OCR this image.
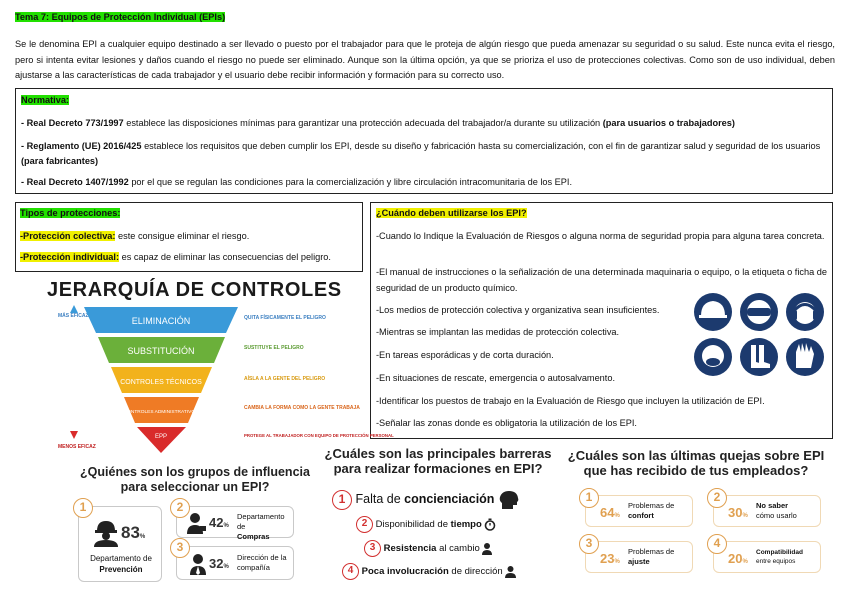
Tema 7: Equipos de Protección Individual (EPIs)
Se le denomina EPI a cualquier equipo destinado a ser llevado o puesto por el trabajador para que le proteja de algún riesgo que pueda amenazar su seguridad o su salud. Este nunca evita el riesgo, pero si intenta evitar lesiones y daños cuando el riesgo no puede ser eliminado. Aunque son la última opción, ya que se prioriza el uso de protecciones colectivas. Como son de uso individual, deben ajustarse a las características de cada trabajador y el usuario debe recibir información y formación para su correcto uso.
Normativa:
- Real Decreto 773/1997 establece las disposiciones mínimas para garantizar una protección adecuada del trabajador/a durante su utilización (para usuarios o trabajadores)
- Reglamento (UE) 2016/425 establece los requisitos que deben cumplir los EPI, desde su diseño y fabricación hasta su comercialización, con el fin de garantizar salud y seguridad de los usuarios (para fabricantes)
- Real Decreto 1407/1992 por el que se regulan las condiciones para la comercialización y libre circulación intracomunitaria de los EPI.
Tipos de protecciones:
-Protección colectiva: este consigue eliminar el riesgo.
-Protección individual: es capaz de eliminar las consecuencias del peligro.
¿Cuándo deben utilizarse los EPI?
-Cuando lo Indique la Evaluación de Riesgos o alguna norma de seguridad propia para alguna tarea concreta.
-El manual de instrucciones o la señalización de una determinada maquinaria o equipo, o la etiqueta o ficha de seguridad de un producto químico.
-Los medios de protección colectiva y organizativa sean insuficientes.
-Mientras se implantan las medidas de protección colectiva.
-En tareas esporádicas y de corta duración.
-En situaciones de rescate, emergencia o autosalvamento.
-Identificar los puestos de trabajo en la Evaluación de Riesgo que incluyen la utilización de EPI.
-Señalar las zonas donde es obligatoria la utilización de los EPI.
JERARQUÍA DE CONTROLES
MÁS EFICAZ
MENOS EFICAZ
ELIMINACIÓN
SUBSTITUCIÓN
CONTROLES TÉCNICOS
CONTROLES ADMINISTRATIVOS
EPP
QUITA FÍSICAMENTE EL PELIGRO
SUSTITUYE EL PELIGRO
AÍSLA A LA GENTE DEL PELIGRO
CAMBIA LA FORMA COMO LA GENTE TRABAJA
PROTEGE AL TRABAJADOR CON EQUIPO DE PROTECCIÓN PERSONAL
¿Quiénes son los grupos de influencia para seleccionar un EPI?
83%
Departamento de
Prevención
1
42%
Departamento de
Compras
2
32%
Dirección de la compañía
3
¿Cuáles son las principales barreras para realizar formaciones en EPI?
1 Falta de concienciación
2 Disponibilidad de tiempo
3 Resistencia al cambio
4 Poca involucración de dirección
¿Cuáles son las últimas quejas sobre EPI que has recibido de tus empleados?
64%
Problemas de confort
1
30%
No saber
cómo usarlo
2
23%
Problemas de ajuste
3
20%
Compatibilidad
entre equipos
4
